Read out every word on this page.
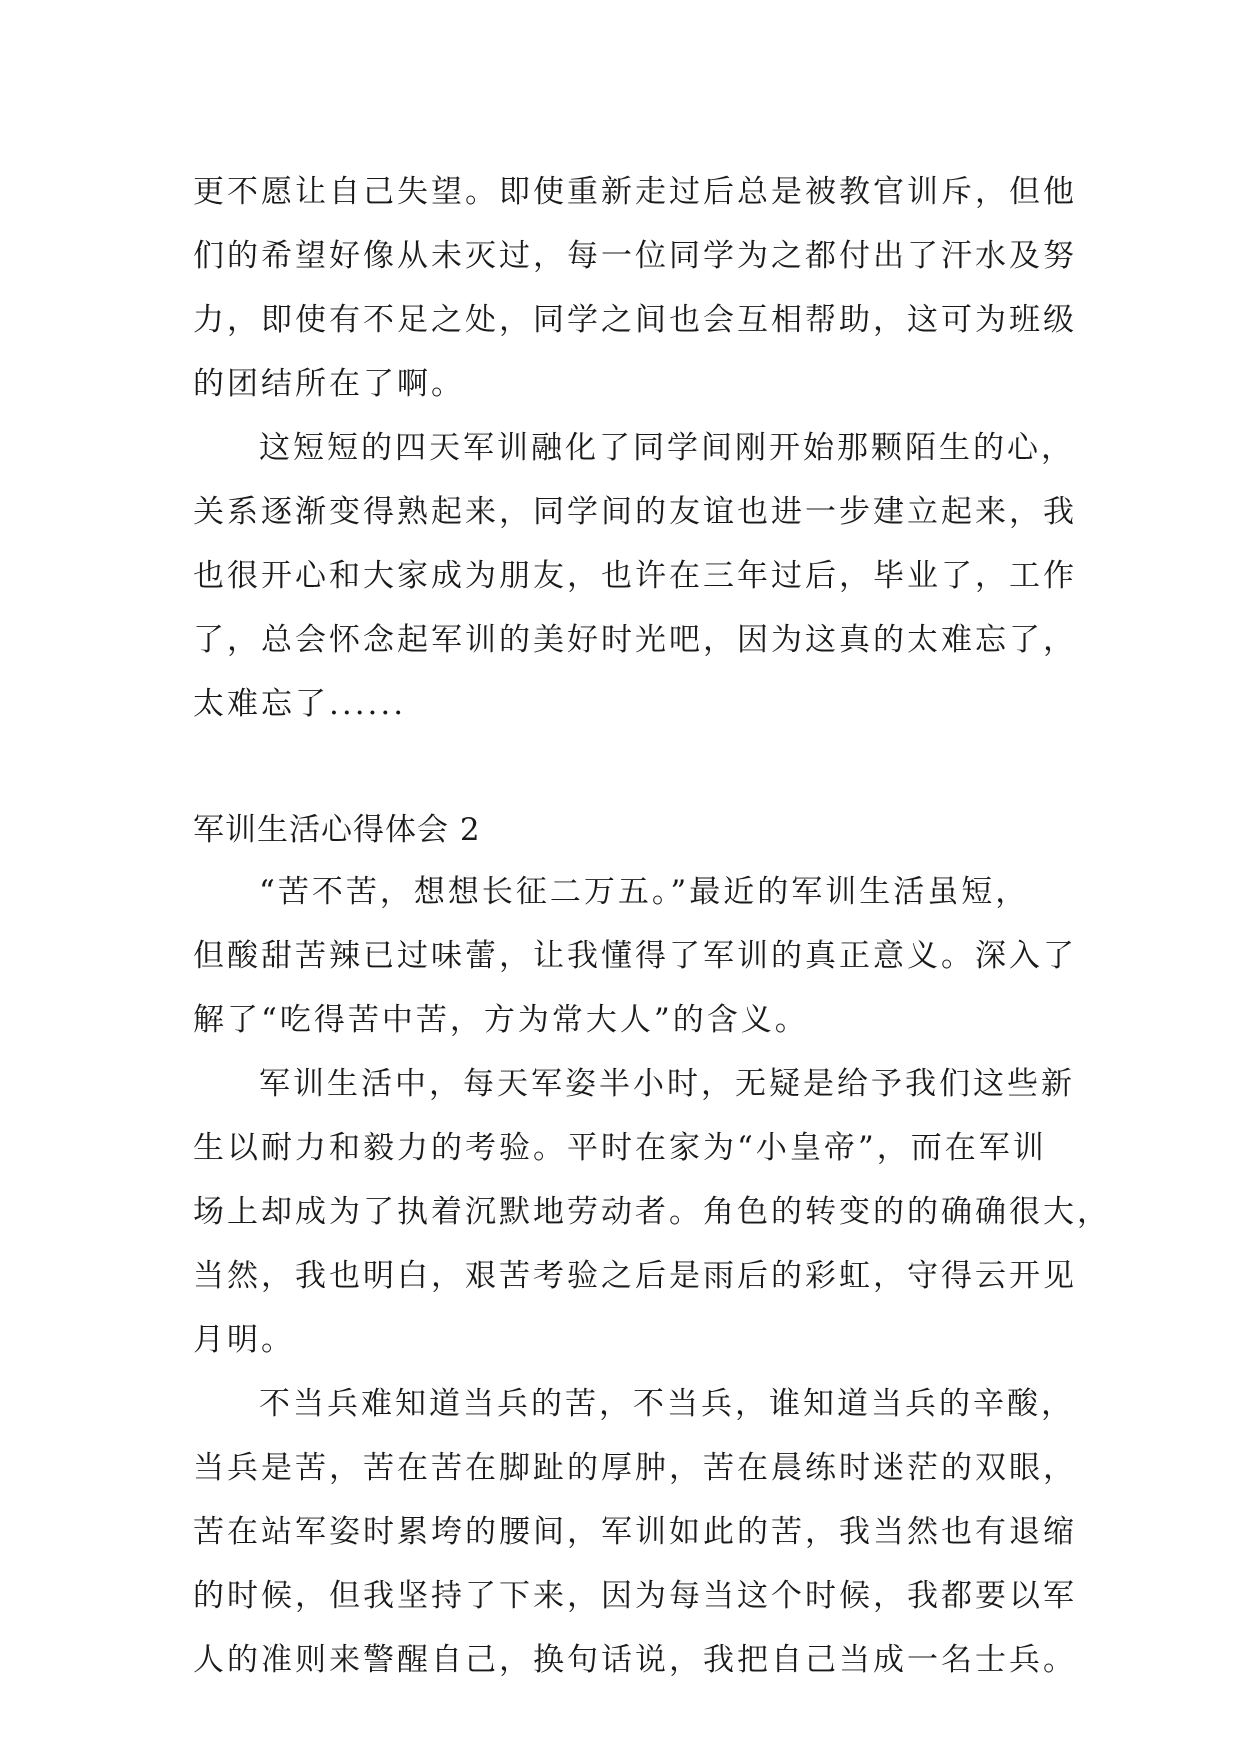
更不愿让自己失望。即使重新走过后总是被教官训斥，但他
们的希望好像从未灭过，每一位同学为之都付出了汗水及努
力，即使有不足之处，同学之间也会互相帮助，这可为班级
的团结所在了啊。
这短短的四天军训融化了同学间刚开始那颗陌生的心，
关系逐渐变得熟起来，同学间的友谊也进一步建立起来，我
也很开心和大家成为朋友，也许在三年过后，毕业了，工作
了，总会怀念起军训的美好时光吧，因为这真的太难忘了，
太难忘了......
军训生活心得体会 2
“苦不苦，想想长征二万五。”最近的军训生活虽短，
但酸甜苦辣已过味蕾，让我懂得了军训的真正意义。深入了
解了“吃得苦中苦，方为常大人”的含义。
军训生活中，每天军姿半小时，无疑是给予我们这些新
生以耐力和毅力的考验。平时在家为“小皇帝”，而在军训
场上却成为了执着沉默地劳动者。角色的转变的的确确很大，
当然，我也明白，艰苦考验之后是雨后的彩虹，守得云开见
月明。
不当兵难知道当兵的苦，不当兵，谁知道当兵的辛酸，
当兵是苦，苦在苦在脚趾的厚肿，苦在晨练时迷茫的双眼，
苦在站军姿时累垮的腰间，军训如此的苦，我当然也有退缩
的时候，但我坚持了下来，因为每当这个时候，我都要以军
人的准则来警醒自己，换句话说，我把自己当成一名士兵。
